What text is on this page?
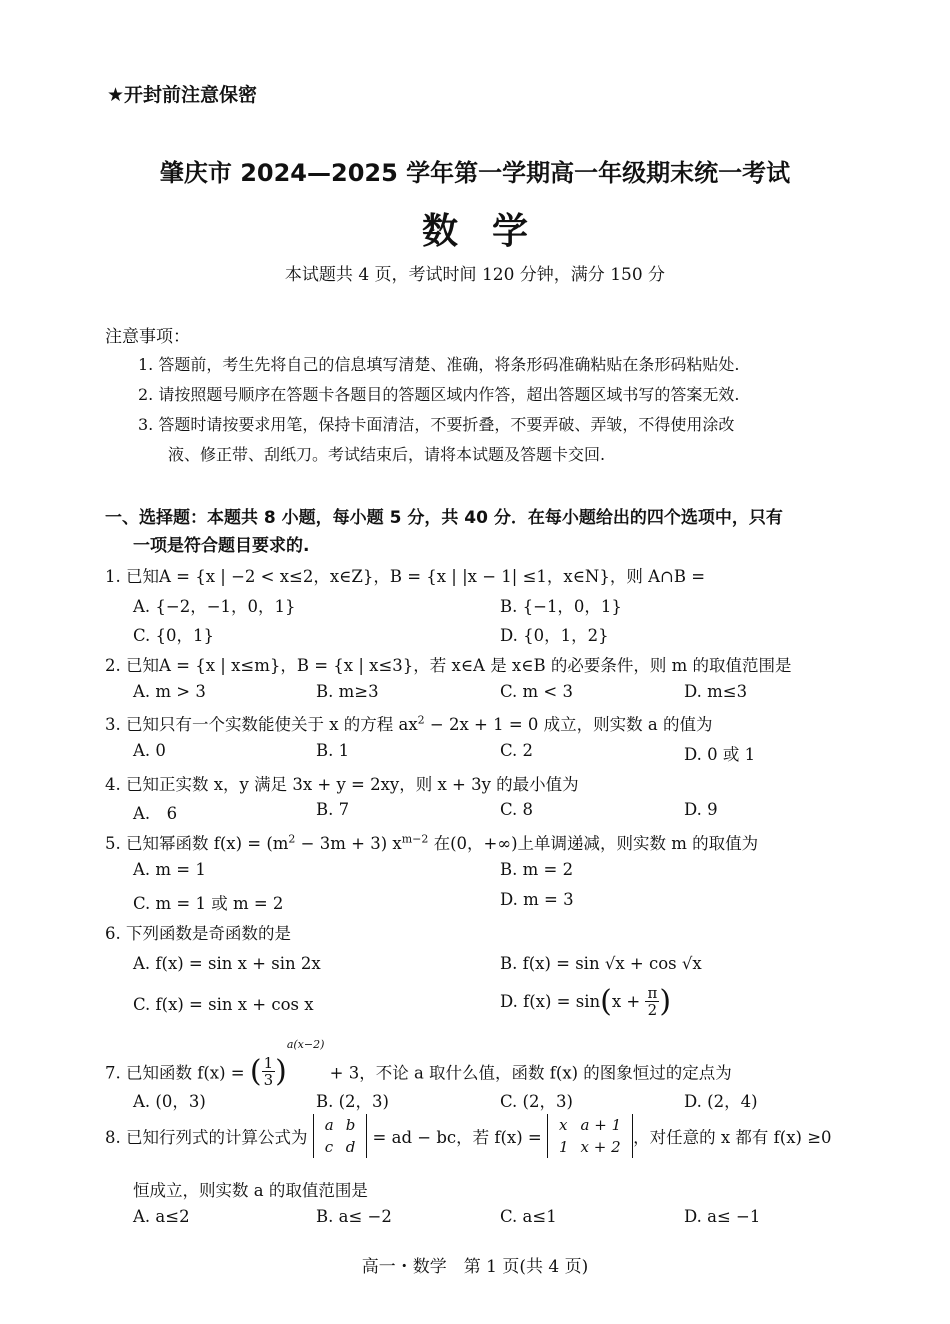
★开封前注意保密
肇庆市 2024—2025 学年第一学期高一年级期末统一考试
数学
本试题共 4 页，考试时间 120 分钟，满分 150 分
注意事项：
1. 答题前，考生先将自己的信息填写清楚、准确，将条形码准确粘贴在条形码粘贴处.
2. 请按照题号顺序在答题卡各题目的答题区域内作答，超出答题区域书写的答案无效.
3. 答题时请按要求用笔，保持卡面清洁，不要折叠，不要弄破、弄皱，不得使用涂改
液、修正带、刮纸刀。考试结束后，请将本试题及答题卡交回.
一、选择题：本题共 8 小题，每小题 5 分，共 40 分．在每小题给出的四个选项中，只有
一项是符合题目要求的.
1. 已知A = {x | −2 < x≤2，x∈Z}，B = {x | |x − 1| ≤1，x∈N}，则 A∩B =
A. {−2，−1，0，1}	B. {−1，0，1}
C. {0，1}	D. {0，1，2}
2. 已知A = {x | x≤m}，B = {x | x≤3}，若 x∈A 是 x∈B 的必要条件，则 m 的取值范围是
A. m > 3	B. m≥3	C. m < 3	D. m≤3
3. 已知只有一个实数能使关于 x 的方程 $ax^2 - 2x + 1 = 0$ 成立，则实数 a 的值为
A. 0	B. 1	C. 2	D. 0 或 1
4. 已知正实数 x，y 满足 3x + y = 2xy，则 x + 3y 的最小值为
A.　6	B. 7	C. 8	D. 9
5. 已知幂函数 $f(x) = (m^2 - 3m + 3)$ $x^{m-2}$ 在(0，+∞)上单调递减，则实数 m 的取值为
A. m = 1	B. m = 2
C. m = 1 或 m = 2	D. m = 3
6. 下列函数是奇函数的是
A. f(x) = sin x + sin 2x	B. f(x) = sin √x + cos √x
C. f(x) = sin x + cos x	D. $f(x) = \sin(x + \frac{\pi}{2}$ )
7. 已知函数 f(x) = ( $\frac{1}{3} )^{a(x-2)} + 3$，不论 a 取什么值，函数 f(x) 的图象恒过的定点为
A. (0，3)	B. (2，3)	C. (2，3)	D. (2，4)
8. 已知行列式的计算公式为
a	b
c	d = ad − bc，若 f(x) =
x	a + 1
1	x + 2 ，对任意的 x 都有 f(x) ≥0
恒成立，则实数 a 的取值范围是
A. a≤2	B. a≤ −2	C. a≤1	D. a≤ −1
高一・数学　第 1 页(共 4 页)
